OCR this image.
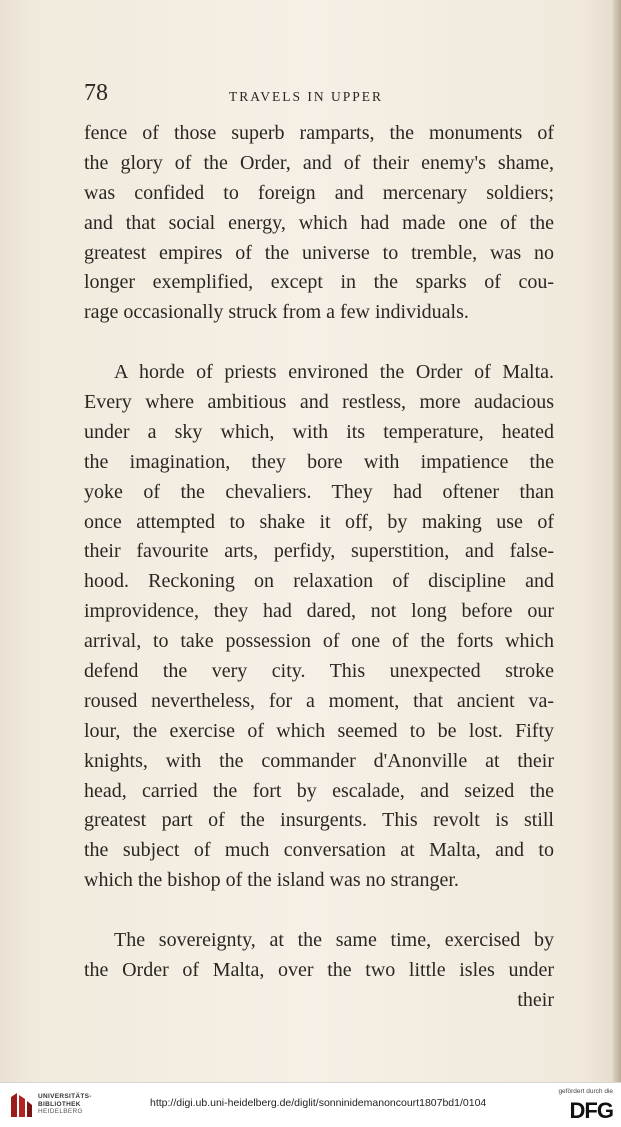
78	TRAVELS IN UPPER
fence of those superb ramparts, the monuments of
the glory of the Order, and of their enemy's shame,
was confided to foreign and mercenary soldiers;
and that social energy, which had made one of the
greatest empires of the universe to tremble, was no
longer exemplified, except in the sparks of cou-
rage occasionally struck from a few individuals.
A horde of priests environed the Order of Malta.
Every where ambitious and restless, more audacious
under a sky which, with its temperature, heated
the imagination, they bore with impatience the
yoke of the chevaliers. They had oftener than
once attempted to shake it off, by making use of
their favourite arts, perfidy, superstition, and false-
hood. Reckoning on relaxation of discipline and
improvidence, they had dared, not long before our
arrival, to take possession of one of the forts which
defend the very city. This unexpected stroke
roused nevertheless, for a moment, that ancient va-
lour, the exercise of which seemed to be lost. Fifty
knights, with the commander d'Anonville at their
head, carried the fort by escalade, and seized the
greatest part of the insurgents. This revolt is still
the subject of much conversation at Malta, and to
which the bishop of the island was no stranger.
The sovereignty, at the same time, exercised by
the Order of Malta, over the two little isles under
their
UNIVERSITÄTS-
BIBLIOTHEK
HEIDELBERG
http://digi.ub.uni-heidelberg.de/diglit/sonninidemanoncourt1807bd1/0104
gefördert durch die
DFG
